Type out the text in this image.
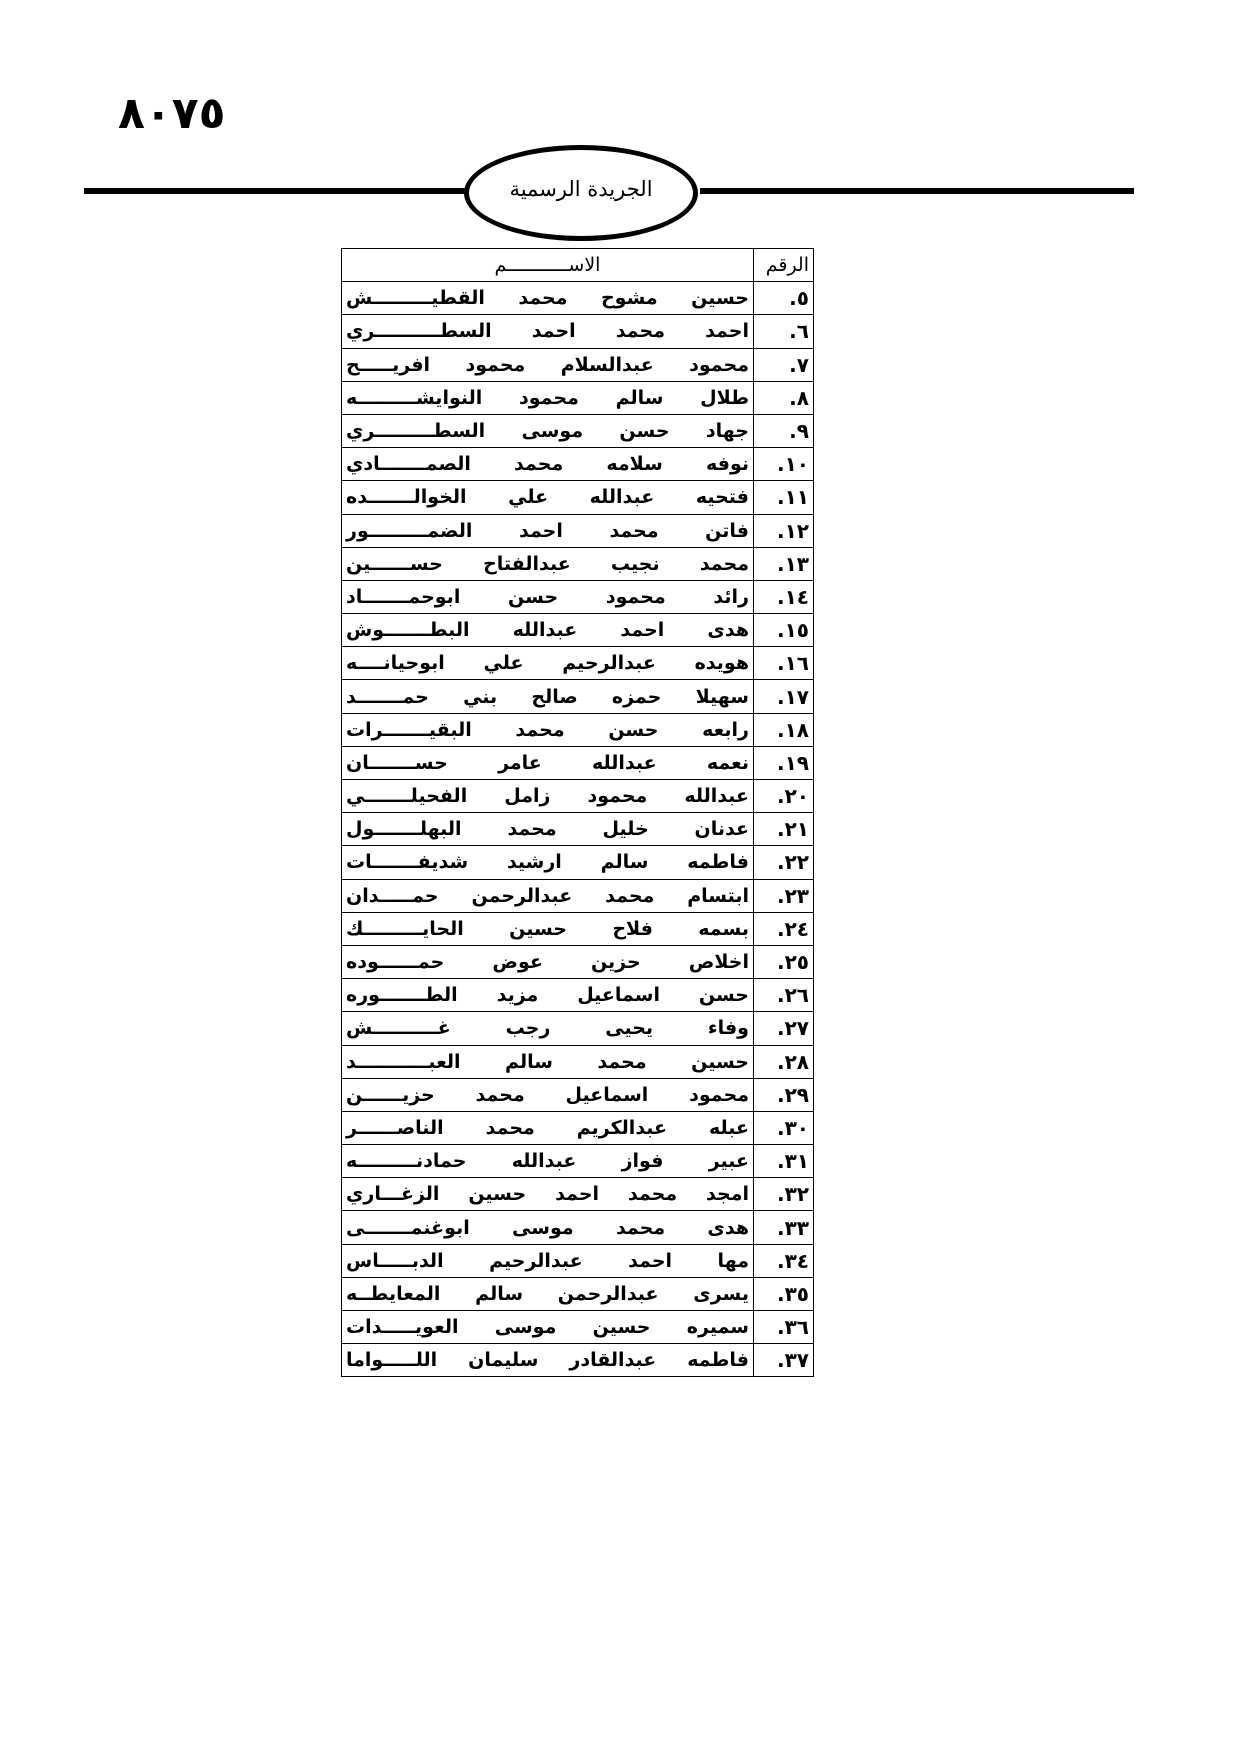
٨٠٧٥
الجريدة الرسمية
الرقم	الاســـــــــــم
٥.	حسين مشوح محمد القطيـــــــــش
٦.	احمد محمد احمد السطــــــــــري
٧.	محمود عبدالسلام محمود افريـــــح
٨.	طلال سالم محمود النوايشـــــــــه
٩.	جهاد حسن موسى السطـــــــــري
١٠.	نوفه سلامه محمد الصمـــــــادي
١١.	فتحيه عبدالله علي الخوالـــــــده
١٢.	فاتن محمد احمد الضمـــــــــور
١٣.	محمد نجيب عبدالفتاح حســــــين
١٤.	رائد محمود حسن ابوحمـــــــاد
١٥.	هدى احمد عبدالله البطـــــــوش
١٦.	هويده عبدالرحيم علي ابوحيانــــه
١٧.	سهيلا حمزه صالح بني حمـــــــد
١٨.	رابعه حسن محمد البقيـــــــرات
١٩.	نعمه عبدالله عامر حســـــــان
٢٠.	عبدالله محمود زامل الفحيلـــــــي
٢١.	عدنان خليل محمد البهلـــــــول
٢٢.	فاطمه سالم ارشيد شديفـــــــات
٢٣.	ابتسام محمد عبدالرحمن حمـــــدان
٢٤.	بسمه فلاح حسين الحايـــــــــك
٢٥.	اخلاص حزين عوض حمــــــوده
٢٦.	حسن اسماعيل مزيد الطـــــــوره
٢٧.	وفاء يحيى رجب غــــــــــش
٢٨.	حسين محمد سالم العبـــــــــــد
٢٩.	محمود اسماعيل محمد حزيــــــن
٣٠.	عبله عبدالكريم محمد الناصــــــر
٣١.	عبير فواز عبدالله حمادنـــــــــه
٣٢.	امجد محمد احمد حسين الزغـــاري
٣٣.	هدى محمد موسى ابوغنمـــــــى
٣٤.	مها احمد عبدالرحيم الدبـــــاس
٣٥.	يسرى عبدالرحمن سالم المعايطــه
٣٦.	سميره حسين موسى العويـــــدات
٣٧.	فاطمه عبدالقادر سليمان اللـــــواما
